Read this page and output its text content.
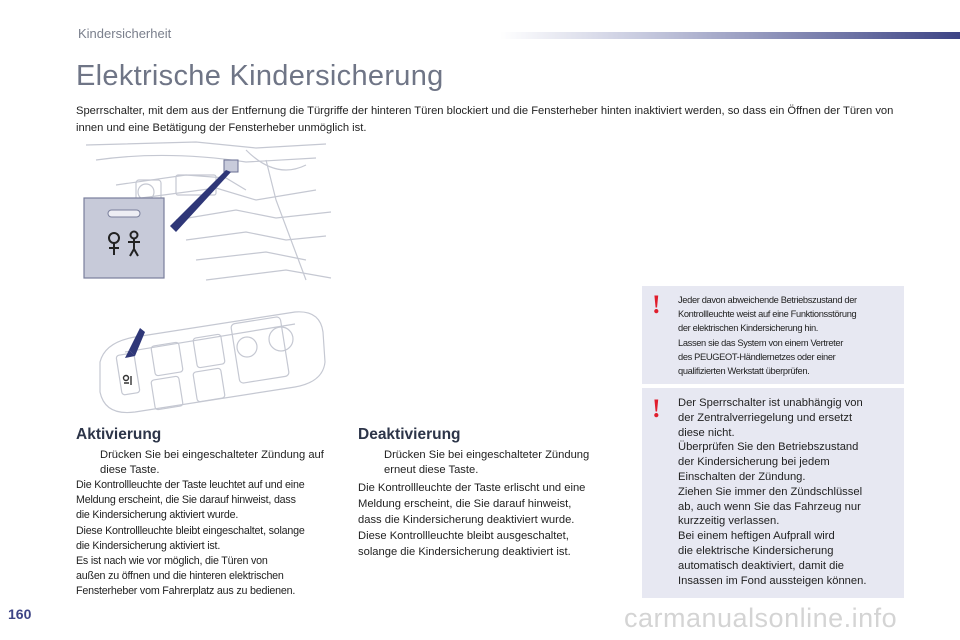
Kindersicherheit
Elektrische Kindersicherung
Sperrschalter, mit dem aus der Entfernung die Türgriffe der hinteren Türen blockiert und die Fensterheber hinten inaktiviert werden, so dass ein Öffnen der Türen von innen und eine Betätigung der Fensterheber unmöglich ist.
Aktivierung
Drücken Sie bei eingeschalteter Zündung auf diese Taste.
Die Kontrollleuchte der Taste leuchtet auf und eine
Meldung erscheint, die Sie darauf hinweist, dass
die Kindersicherung aktiviert wurde.
Diese Kontrollleuchte bleibt eingeschaltet, solange
die Kindersicherung aktiviert ist.
Es ist nach wie vor möglich, die Türen von
außen zu öffnen und die hinteren elektrischen
Fensterheber vom Fahrerplatz aus zu bedienen.
Deaktivierung
Drücken Sie bei eingeschalteter Zündung erneut diese Taste.
Die Kontrollleuchte der Taste erlischt und eine
Meldung erscheint, die Sie darauf hinweist,
dass die Kindersicherung deaktiviert wurde.
Diese Kontrollleuchte bleibt ausgeschaltet,
solange die Kindersicherung deaktiviert ist.
! Jeder davon abweichende Betriebszustand der
Kontrollleuchte weist auf eine Funktionsstörung
der elektrischen Kindersicherung hin.
Lassen sie das System von einem Vertreter
des PEUGEOT-Händlernetzes oder einer
qualifizierten Werkstatt überprüfen.
! Der Sperrschalter ist unabhängig von
der Zentralverriegelung und ersetzt
diese nicht.
Überprüfen Sie den Betriebszustand
der Kindersicherung bei jedem
Einschalten der Zündung.
Ziehen Sie immer den Zündschlüssel
ab, auch wenn Sie das Fahrzeug nur
kurzzeitig verlassen.
Bei einem heftigen Aufprall wird
die elektrische Kindersicherung
automatisch deaktiviert, damit die
Insassen im Fond aussteigen können.
160	carmanualsonline.info
